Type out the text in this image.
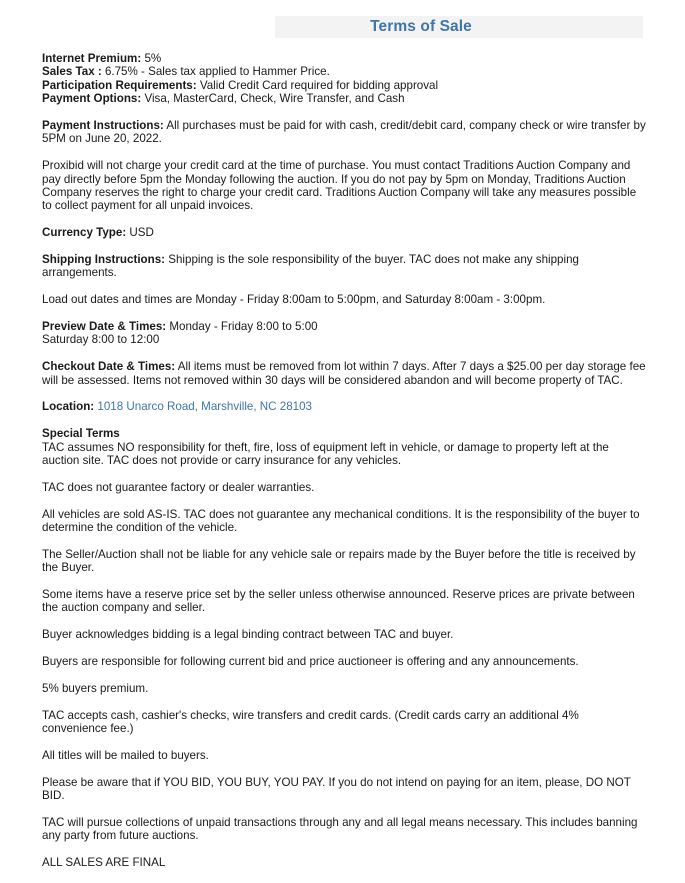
Terms of Sale
Internet Premium: 5%
Sales Tax : 6.75% - Sales tax applied to Hammer Price.
Participation Requirements: Valid Credit Card required for bidding approval
Payment Options: Visa, MasterCard, Check, Wire Transfer, and Cash
Payment Instructions: All purchases must be paid for with cash, credit/debit card, company check or wire transfer by 5PM on June 20, 2022.
Proxibid will not charge your credit card at the time of purchase. You must contact Traditions Auction Company and pay directly before 5pm the Monday following the auction. If you do not pay by 5pm on Monday, Traditions Auction Company reserves the right to charge your credit card. Traditions Auction Company will take any measures possible to collect payment for all unpaid invoices.
Currency Type: USD
Shipping Instructions: Shipping is the sole responsibility of the buyer. TAC does not make any shipping arrangements.
Load out dates and times are Monday - Friday 8:00am to 5:00pm, and Saturday 8:00am - 3:00pm.
Preview Date & Times: Monday - Friday 8:00 to 5:00
Saturday 8:00 to 12:00
Checkout Date & Times: All items must be removed from lot within 7 days. After 7 days a $25.00 per day storage fee will be assessed. Items not removed within 30 days will be considered abandon and will become property of TAC.
Location: 1018 Unarco Road, Marshville, NC 28103
Special Terms
TAC assumes NO responsibility for theft, fire, loss of equipment left in vehicle, or damage to property left at the auction site. TAC does not provide or carry insurance for any vehicles.
TAC does not guarantee factory or dealer warranties.
All vehicles are sold AS-IS. TAC does not guarantee any mechanical conditions. It is the responsibility of the buyer to determine the condition of the vehicle.
The Seller/Auction shall not be liable for any vehicle sale or repairs made by the Buyer before the title is received by the Buyer.
Some items have a reserve price set by the seller unless otherwise announced. Reserve prices are private between the auction company and seller.
Buyer acknowledges bidding is a legal binding contract between TAC and buyer.
Buyers are responsible for following current bid and price auctioneer is offering and any announcements.
5% buyers premium.
TAC accepts cash, cashier's checks, wire transfers and credit cards. (Credit cards carry an additional 4% convenience fee.)
All titles will be mailed to buyers.
Please be aware that if YOU BID, YOU BUY, YOU PAY. If you do not intend on paying for an item, please, DO NOT BID.
TAC will pursue collections of unpaid transactions through any and all legal means necessary. This includes banning any party from future auctions.
ALL SALES ARE FINAL
